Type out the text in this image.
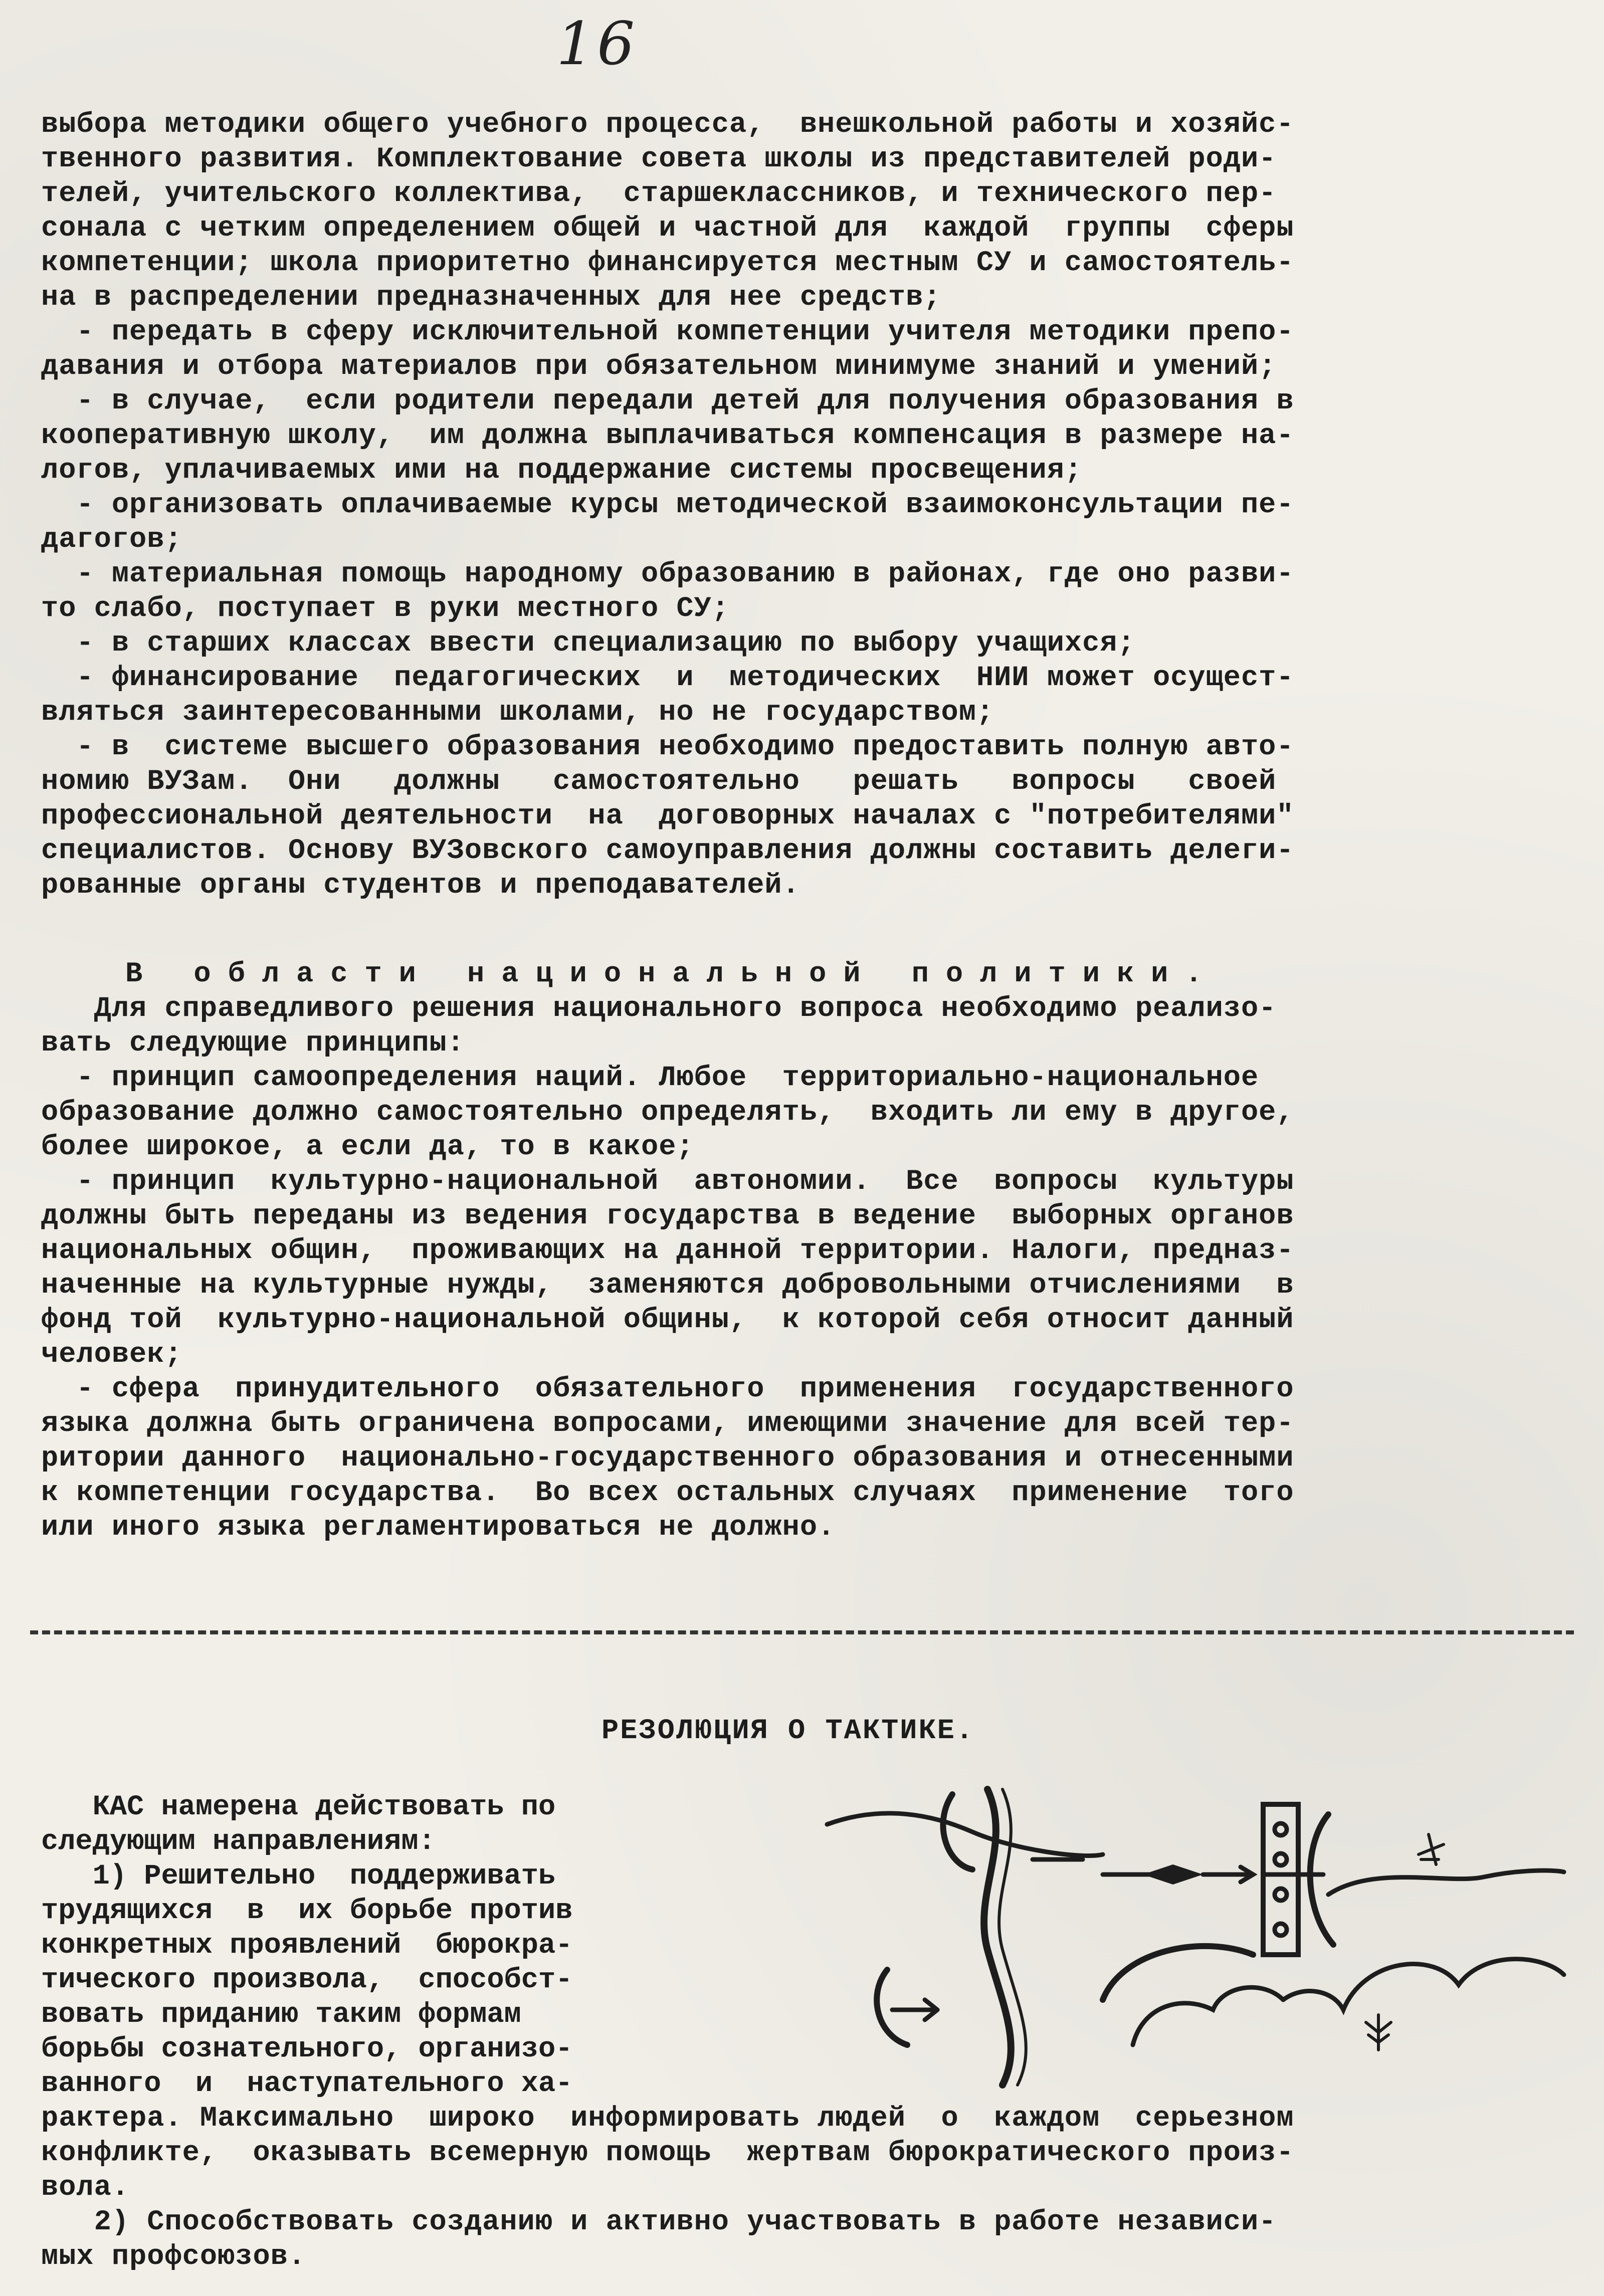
16
выбора методики общего учебного процесса,  внешкольной работы и хозяйс-
твенного развития. Комплектование совета школы из представителей роди-
телей, учительского коллектива,  старшеклассников, и технического пер-
сонала с четким определением общей и частной для  каждой  группы  сферы
компетенции; школа приоритетно финансируется местным СУ и самостоятель-
на в распределении предназначенных для нее средств;
- передать в сферу исключительной компетенции учителя методики препо-
давания и отбора материалов при обязательном минимуме знаний и умений;
- в случае,  если родители передали детей для получения образования в
кооперативную школу,  им должна выплачиваться компенсация в размере на-
логов, уплачиваемых ими на поддержание системы просвещения;
- организовать оплачиваемые курсы методической взаимоконсультации пе-
дагогов;
- материальная помощь народному образованию в районах, где оно разви-
то слабо, поступает в руки местного СУ;
- в старших классах ввести специализацию по выбору учащихся;
- финансирование  педагогических  и  методических  НИИ может осущест-
вляться заинтересованными школами, но не государством;
- в  системе высшего образования необходимо предоставить полную авто-
номию ВУЗам.  Они   должны   самостоятельно   решать   вопросы   своей
профессиональной деятельности  на  договорных началах с "потребителями"
специалистов. Основу ВУЗовского самоуправления должны составить делеги-
рованные органы студентов и преподавателей.
В области национальной политики.
Для справедливого решения национального вопроса необходимо реализо-
вать следующие принципы:
- принцип самоопределения наций. Любое  территориально-национальное
образование должно самостоятельно определять,  входить ли ему в другое,
более широкое, а если да, то в какое;
- принцип  культурно-национальной  автономии.  Все  вопросы  культуры
должны быть переданы из ведения государства в ведение  выборных органов
национальных общин,  проживающих на данной территории. Налоги, предназ-
наченные на культурные нужды,  заменяются добровольными отчислениями  в
фонд той  культурно-национальной общины,  к которой себя относит данный
человек;
- сфера  принудительного  обязательного  применения  государственного
языка должна быть ограничена вопросами, имеющими значение для всей тер-
ритории данного  национально-государственного образования и отнесенными
к компетенции государства.  Во всех остальных случаях  применение  того
или иного языка регламентироваться не должно.
РЕЗОЛЮЦИЯ О ТАКТИКЕ.
КАС намерена действовать по
следующим направлениям:
1) Решительно  поддерживать
трудящихся  в  их борьбе против
конкретных проявлений  бюрокра-
тического произвола,  способст-
вовать приданию таким формам
борьбы сознательного, организо-
ванного  и  наступательного ха-
рактера. Максимально  широко  информировать людей  о  каждом  серьезном
конфликте,  оказывать всемерную помощь  жертвам бюрократического произ-
вола.
2) Способствовать созданию и активно участвовать в работе независи-
мых профсоюзов.
